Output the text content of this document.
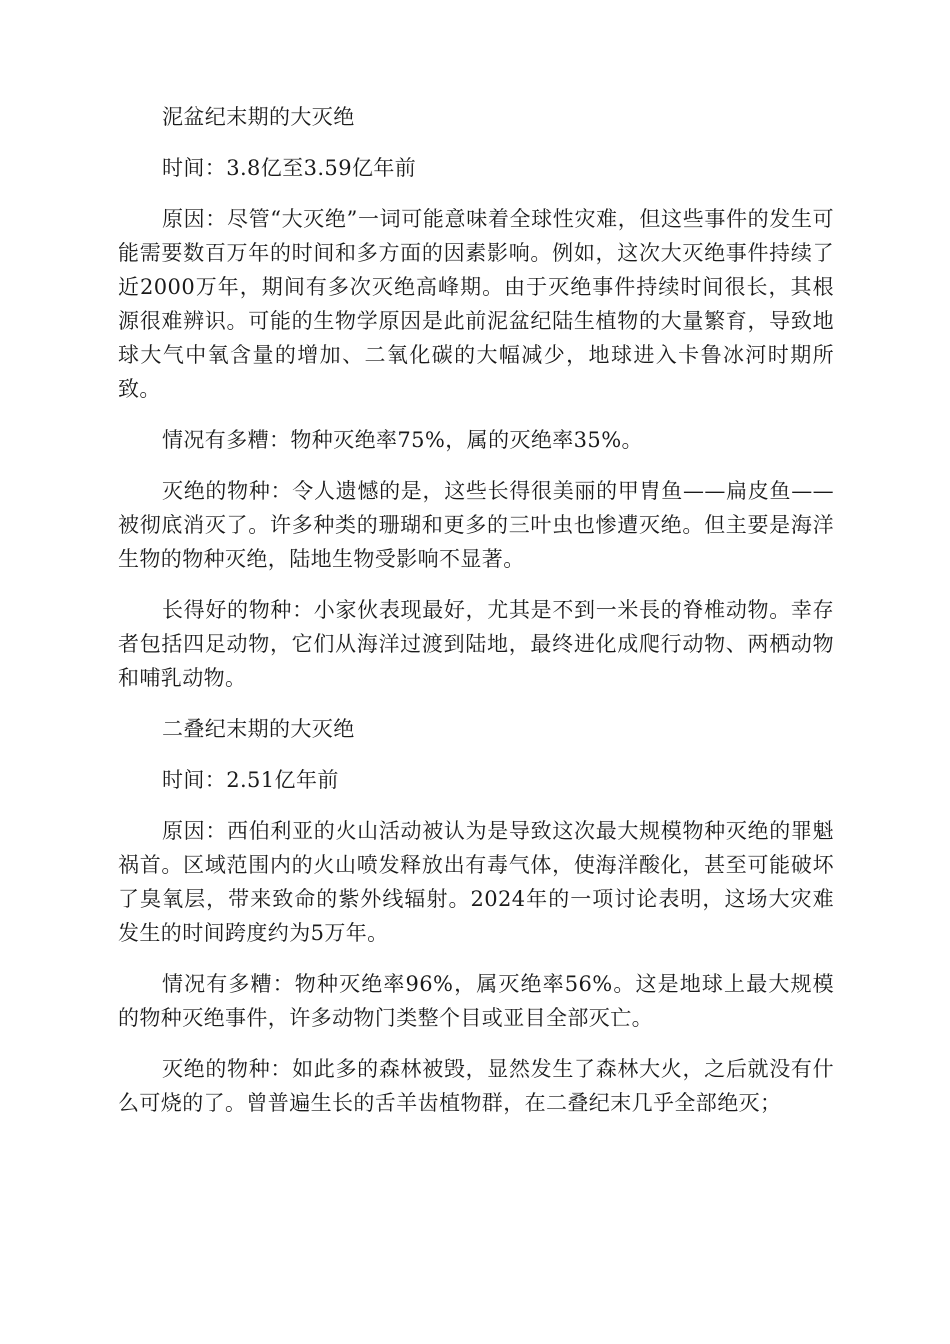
泥盆纪末期的大灭绝

时间：3.8亿至3.59亿年前

原因：尽管“大灭绝”一词可能意味着全球性灾难，但这些事件的发生可能需要数百万年的时间和多方面的因素影响。例如，这次大灭绝事件持续了近2000万年，期间有多次灭绝高峰期。由于灭绝事件持续时间很长，其根源很难辨识。可能的生物学原因是此前泥盆纪陆生植物的大量繁育，导致地球大气中氧含量的增加、二氧化碳的大幅减少，地球进入卡鲁冰河时期所致。

情况有多糟：物种灭绝率75%，属的灭绝率35%。

灭绝的物种：令人遗憾的是，这些长得很美丽的甲胄鱼——扁皮鱼——被彻底消灭了。许多种类的珊瑚和更多的三叶虫也惨遭灭绝。但主要是海洋生物的物种灭绝，陆地生物受影响不显著。

长得好的物种：小家伙表现最好，尤其是不到一米長的脊椎动物。幸存者包括四足动物，它们从海洋过渡到陆地，最终进化成爬行动物、两栖动物和哺乳动物。

二叠纪末期的大灭绝

时间：2.51亿年前

原因：西伯利亚的火山活动被认为是导致这次最大规模物种灭绝的罪魁祸首。区域范围内的火山喷发释放出有毒气体，使海洋酸化，甚至可能破坏了臭氧层，带来致命的紫外线辐射。2024年的一项讨论表明，这场大灾难发生的时间跨度约为5万年。

情况有多糟：物种灭绝率96%，属灭绝率56%。这是地球上最大规模的物种灭绝事件，许多动物门类整个目或亚目全部灭亡。

灭绝的物种：如此多的森林被毁，显然发生了森林大火，之后就没有什么可烧的了。曾普遍生长的舌羊齿植物群，在二叠纪末几乎全部绝灭；
